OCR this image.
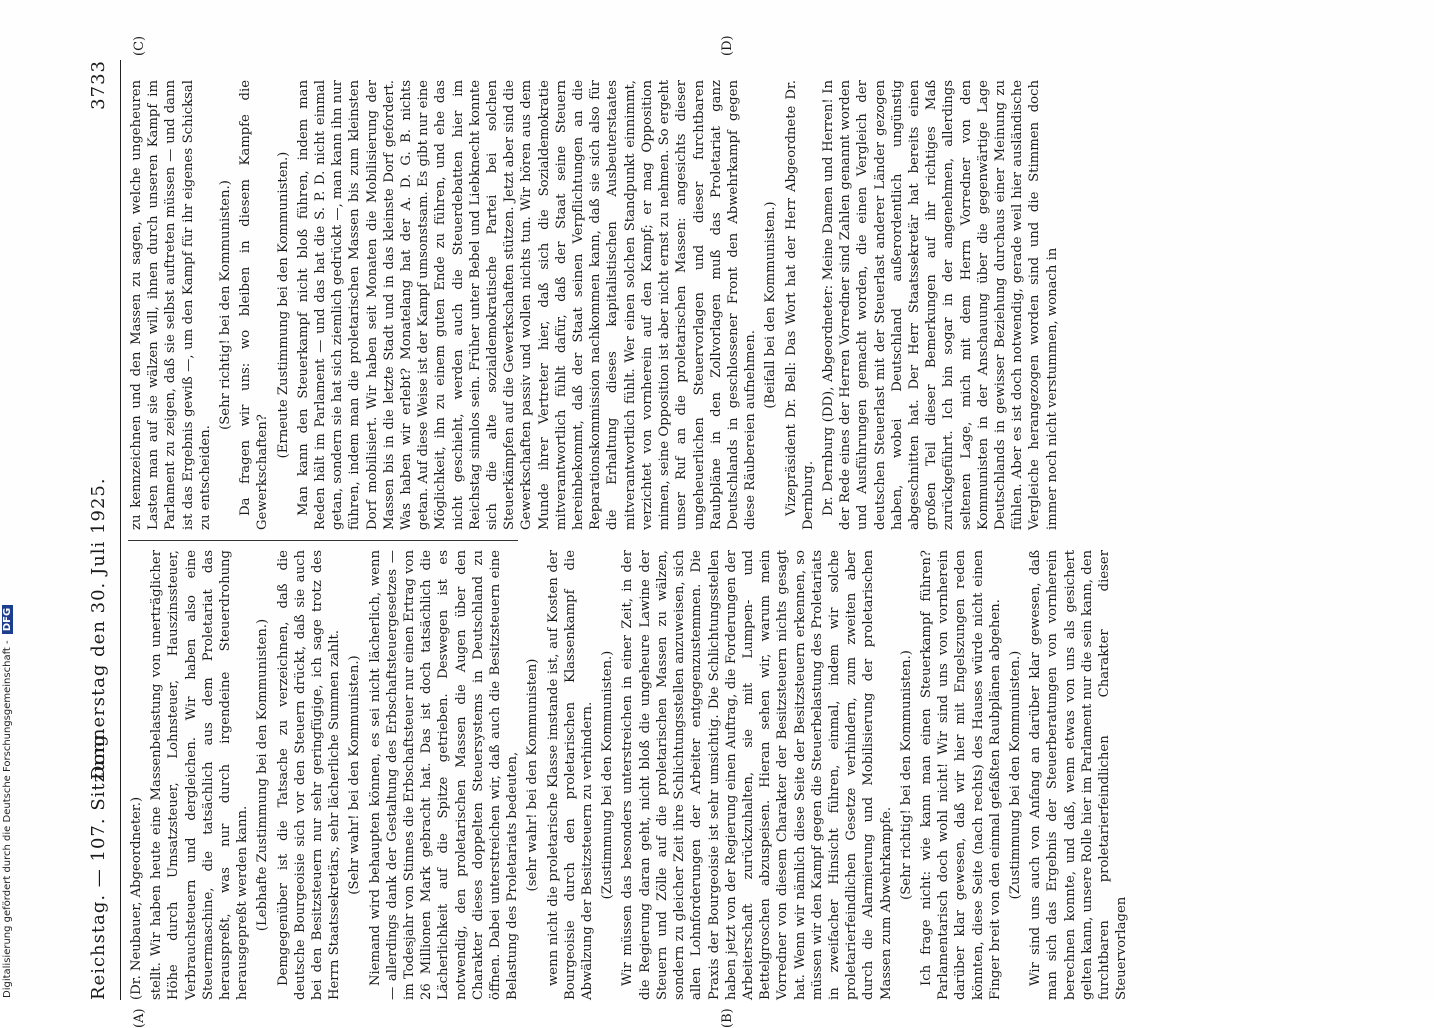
Reichstag. — 107. Sitzung.
Donnerstag den 30. Juli 1925.
3733
(A)	(B)
(C)	(D)

(Dr. Neubauer, Abgeordneter.) stellt. Wir haben heute eine Massenbelastung von unerträglicher Höhe durch Umsatzsteuer, Lohnsteuer, Hauszinssteuer, Verbrauchsteuern und dergleichen. Wir haben also eine Steuermaschine, die tatsächlich aus dem Proletariat das herauspreßt, was nur durch irgendeine Steuerdrohung herausgepreßt werden kann. (Lebhafte Zustimmung bei den Kommunisten.) Demgegenüber ist die Tatsache zu verzeichnen, daß die deutsche Bourgeoisie sich vor den Steuern drückt, daß sie auch bei den Besitzsteuern nur sehr geringfügige, ich sage trotz des Herrn Staatssekretärs, sehr lächerliche Summen zahlt. (Sehr wahr! bei den Kommunisten.) Niemand wird behaupten können, es sei nicht lächerlich, wenn — allerdings dank der Gestaltung des Erbschaftsteuergesetzes — im Todesjahr von Stinnes die Erbschaftsteuer nur einen Ertrag von 26 Millionen Mark gebracht hat. Das ist doch tatsächlich die Lächerlichkeit auf die Spitze getrieben. Deswegen ist es notwendig, den proletarischen Massen die Augen über den Charakter dieses doppelten Steuersystems in Deutschland zu öffnen. Dabei unterstreichen wir, daß auch die Besitzsteuern eine Belastung des Proletariats bedeuten, (sehr wahr! bei den Kommunisten) wenn nicht die proletarische Klasse imstande ist, auf Kosten der Bourgeoisie durch den proletarischen Klassenkampf die Abwälzung der Besitzsteuern zu verhindern. (Zustimmung bei den Kommunisten.) Wir müssen das besonders unterstreichen in einer Zeit, in der die Regierung daran geht, nicht bloß die ungeheure Lawine der Steuern und Zölle auf die proletarischen Massen zu wälzen, sondern zu gleicher Zeit ihre Schlichtungsstellen anzuweisen, sich allen Lohnforderungen der Arbeiter entgegenzustemmen. Die Praxis der Bourgeoisie ist sehr umsichtig. Die Schlichtungsstellen haben jetzt von der Regierung einen Auftrag, die Forderungen der Arbeiterschaft zurückzuhalten, sie mit Lumpen- und Bettelgroschen abzuspeisen. Hieran sehen wir, warum mein Vorredner von diesem Charakter der Besitzsteuern nichts gesagt hat. Wenn wir nämlich diese Seite der Besitzsteuern erkennen, so müssen wir den Kampf gegen die Steuerbelastung des Proletariats in zweifacher Hinsicht führen, einmal, indem wir solche proletarierfeindlichen Gesetze verhindern, zum zweiten aber durch die Alarmierung und Mobilisierung der proletarischen Massen zum Abwehrkampfe.

(Sehr richtig! bei den Kommunisten.) Ich frage nicht: wie kann man einen Steuerkampf führen? Parlamentarisch doch wohl nicht! Wir sind uns von vornherein darüber klar gewesen, daß wir hier mit Engelszungen reden könnten, diese Seite (nach rechts) des Hauses würde nicht einen Finger breit von den einmal gefaßten Raubplänen abgehen. (Zustimmung bei den Kommunisten.) Wir sind uns auch von Anfang an darüber klar gewesen, daß man sich das Ergebnis der Steuerberatungen von vornherein berechnen konnte, und daß, wenn etwas von uns als gesichert gelten kann, unsere Rolle hier im Parlament nur die sein kann, den furchtbaren proletarierfeindlichen Charakter dieser Steuervorlagen

zu kennzeichnen und den Massen zu sagen, welche ungeheuren Lasten man auf sie wälzen will, ihnen durch unseren Kampf im Parlament zu zeigen, daß sie selbst auftreten müssen — und dann ist das Ergebnis gewiß —, um den Kampf für ihr eigenes Schicksal zu entscheiden.

(Sehr richtig! bei den Kommunisten.) Da fragen wir uns: wo bleiben in diesem Kampfe die Gewerkschaften?

(Erneute Zustimmung bei den Kommunisten.) Man kann den Steuerkampf nicht bloß führen, indem man Reden hält im Parlament — und das hat die S. P. D. nicht einmal getan, sondern sie hat sich ziemlich gedrückt —, man kann ihn nur führen, indem man die proletarischen Massen bis zum kleinsten Dorf mobilisiert. Wir haben seit Monaten die Mobilisierung der Massen bis in die letzte Stadt und in das kleinste Dorf gefordert. Was haben wir erlebt? Monatelang hat der A. D. G. B. nichts getan. Auf diese Weise ist der Kampf umsonstsam. Es gibt nur eine Möglichkeit, ihn zu einem guten Ende zu führen, und ehe das nicht geschieht, werden auch die Steuerdebatten hier im Reichstag sinnlos sein. Früher unter Bebel und Liebknecht konnte sich die alte sozialdemokratische Partei bei solchen Steuerkämpfen auf die Gewerkschaften stützen. Jetzt aber sind die Gewerkschaften passiv und wollen nichts tun. Wir hören aus dem Munde ihrer Vertreter hier, daß sich die Sozialdemokratie mitverantwortlich fühlt dafür, daß der Staat seine Steuern hereinbekommt, daß der Staat seinen Verpflichtungen an die Reparationskommission nachkommen kann, daß sie sich also für die Erhaltung dieses kapitalistischen Ausbeuterstaates mitverantwortlich fühlt. Wer einen solchen Standpunkt einnimmt, verzichtet von vornherein auf den Kampf; er mag Opposition mimen, seine Opposition ist aber nicht ernst zu nehmen. So ergeht unser Ruf an die proletarischen Massen: angesichts dieser ungeheuerlichen Steuervorlagen und dieser furchtbaren Raubpläne in den Zollvorlagen muß das Proletariat ganz Deutschlands in geschlossener Front den Abwehrkampf gegen diese Räubereien aufnehmen.

(Beifall bei den Kommunisten.) Vizepräsident Dr. Bell: Das Wort hat der Herr Abgeordnete Dr. Dernburg. Dr. Dernburg (DD), Abgeordneter: Meine Damen und Herren! In der Rede eines der Herren Vorredner sind Zahlen genannt worden und Ausführungen gemacht worden, die einen Vergleich der deutschen Steuerlast mit der Steuerlast anderer Länder gezogen haben, wobei Deutschland außerordentlich ungünstig abgeschnitten hat. Der Herr Staatssekretär hat bereits einen großen Teil dieser Bemerkungen auf ihr richtiges Maß zurückgeführt. Ich bin sogar in der angenehmen, allerdings seltenen Lage, mich mit dem Herrn Vorredner von den Kommunisten in der Anschauung über die gegenwärtige Lage Deutschlands in gewisser Beziehung durchaus einer Meinung zu fühlen. Aber es ist doch notwendig, gerade weil hier ausländische Vergleiche herangezogen worden sind und die Stimmen doch immer noch nicht verstummen, wonach in

Digitalisierung gefördert durch die Deutsche Forschungsgemeinschaft - DFG
